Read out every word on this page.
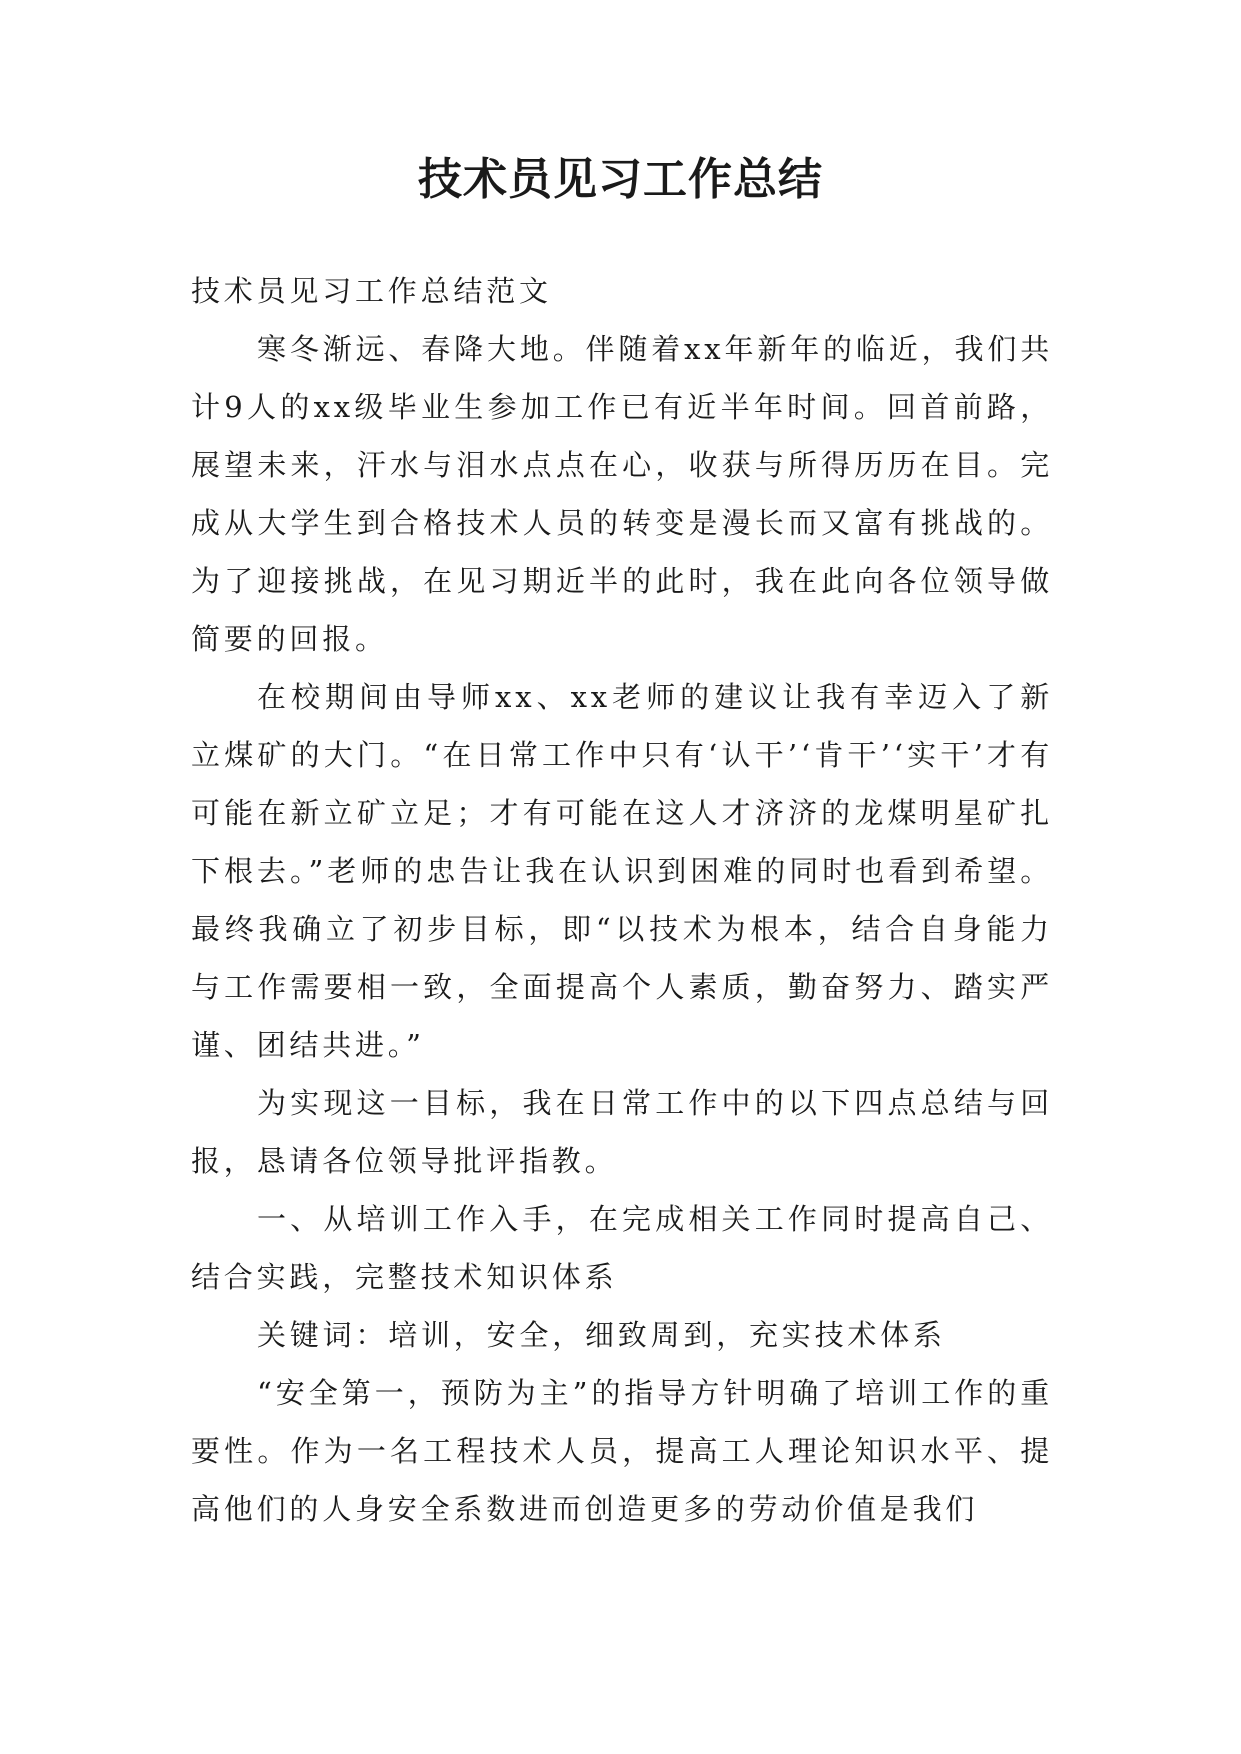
技术员见习工作总结

技术员见习工作总结范文

寒冬渐远、春降大地。伴随着xx年新年的临近，我们共计9人的xx级毕业生参加工作已有近半年时间。回首前路，展望未来，汗水与泪水点点在心，收获与所得历历在目。完成从大学生到合格技术人员的转变是漫长而又富有挑战的。为了迎接挑战，在见习期近半的此时，我在此向各位领导做简要的回报。

在校期间由导师xx、xx老师的建议让我有幸迈入了新立煤矿的大门。“在日常工作中只有‘认干’‘肯干’‘实干’才有可能在新立矿立足；才有可能在这人才济济的龙煤明星矿扎下根去。”老师的忠告让我在认识到困难的同时也看到希望。最终我确立了初步目标，即“以技术为根本，结合自身能力与工作需要相一致，全面提高个人素质，勤奋努力、踏实严谨、团结共进。”

为实现这一目标，我在日常工作中的以下四点总结与回报，恳请各位领导批评指教。

一、从培训工作入手，在完成相关工作同时提高自己、结合实践，完整技术知识体系

关键词：培训，安全，细致周到，充实技术体系

“安全第一，预防为主”的指导方针明确了培训工作的重要性。作为一名工程技术人员，提高工人理论知识水平、提高他们的人身安全系数进而创造更多的劳动价值是我们
